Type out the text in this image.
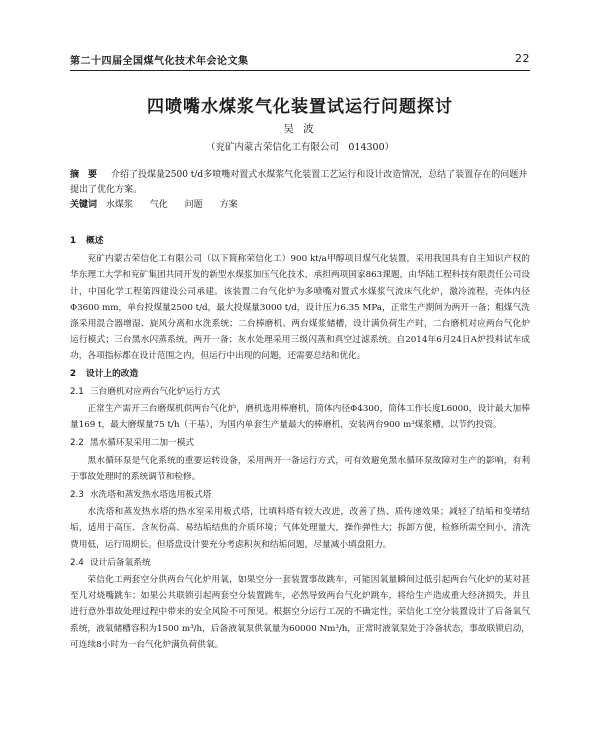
第二十四届全国煤气化技术年会论文集	22
四喷嘴水煤浆气化装置试运行问题探讨
吴 波
（兖矿内蒙古荣信化工有限公司　014300）
摘　要 介绍了投煤量2500 t/d多喷嘴对置式水煤浆气化装置工艺运行和设计改造情况，总结了装置存在的问题并提出了优化方案。
关键词 水煤浆 气化 问题 方案
1 概述

兖矿内蒙古荣信化工有限公司（以下简称荣信化工）900 kt/a甲醇项目煤气化装置，采用我国具有自主知识产权的华东理工大学和兖矿集团共同开发的新型水煤浆加压气化技术，承担两项国家863课题，由华陆工程科技有限责任公司设计，中国化学工程第四建设公司承建。该装置二台气化炉为多喷嘴对置式水煤浆气流床气化炉，激冷流程，壳体内径Φ3600 mm，单台投煤量2500 t/d，最大投煤量3000 t/d，设计压力6.35 MPa，正常生产期间为两开一备；粗煤气洗涤采用混合器增湿、旋风分离和水洗系统；二台棒磨机、两台煤浆储槽，设计满负荷生产时，二台磨机对应两台气化炉运行模式；三台黑水闪蒸系统，两开一备；灰水处理采用三级闪蒸和真空过滤系统。自2014年6月24日A炉投料试车成功，各项指标都在设计范围之内，但运行中出现的问题，还需要总结和优化。

2 设计上的改造
2.1 三台磨机对应两台气化炉运行方式

正常生产需开三台磨煤机供两台气化炉，磨机选用棒磨机，筒体内径Φ4300，筒体工作长度L6000，设计最大加棒量169 t，最大磨煤量75 t/h（干基），为国内单套生产量最大的棒磨机，安装两台900 m³煤浆槽，以节约投资。

2.2 黑水循环泵采用二加一模式

黑水循环泵是气化系统的重要运转设备，采用两开一备运行方式，可有效避免黑水循环泵故障对生产的影响，有利于事故处理时的系统调节和检修。

2.3 水洗塔和蒸发热水塔选用板式塔

水洗塔和蒸发热水塔的热水室采用板式塔，比填料塔有较大改进，改善了热、质传递效果；减轻了结垢和变堵结垢，适用于高压、含灰份高、易结垢结焦的介质环境；气体处理量大，操作弹性大；拆卸方便，检修所需空间小，清洗费用低，运行周期长。但塔盘设计要充分考虑积灰和结垢问题，尽量减小填盘阻力。

2.4 设计后备氧系统

荣信化工两套空分供两台气化炉用氧，如果空分一套装置事故跳车，可能因氧量瞬间过低引起两台气化炉的某对甚至几对烧嘴跳车；如果公共联锁引起两套空分装置跳车，必然导致两台气化炉跳车，将给生产造成重大经济损失，并且进行意外事故处理过程中带来的安全风险不可预见。根据空分运行工况的不确定性，荣信化工空分装置设计了后备氧气系统，液氧储槽容积为1500 m³/h，后备液氧泵供氧量为60000 Nm³/h，正常时液氧泵处于冷备状态，事故联锁启动，可连续8小时为一台气化炉满负荷供氧。
